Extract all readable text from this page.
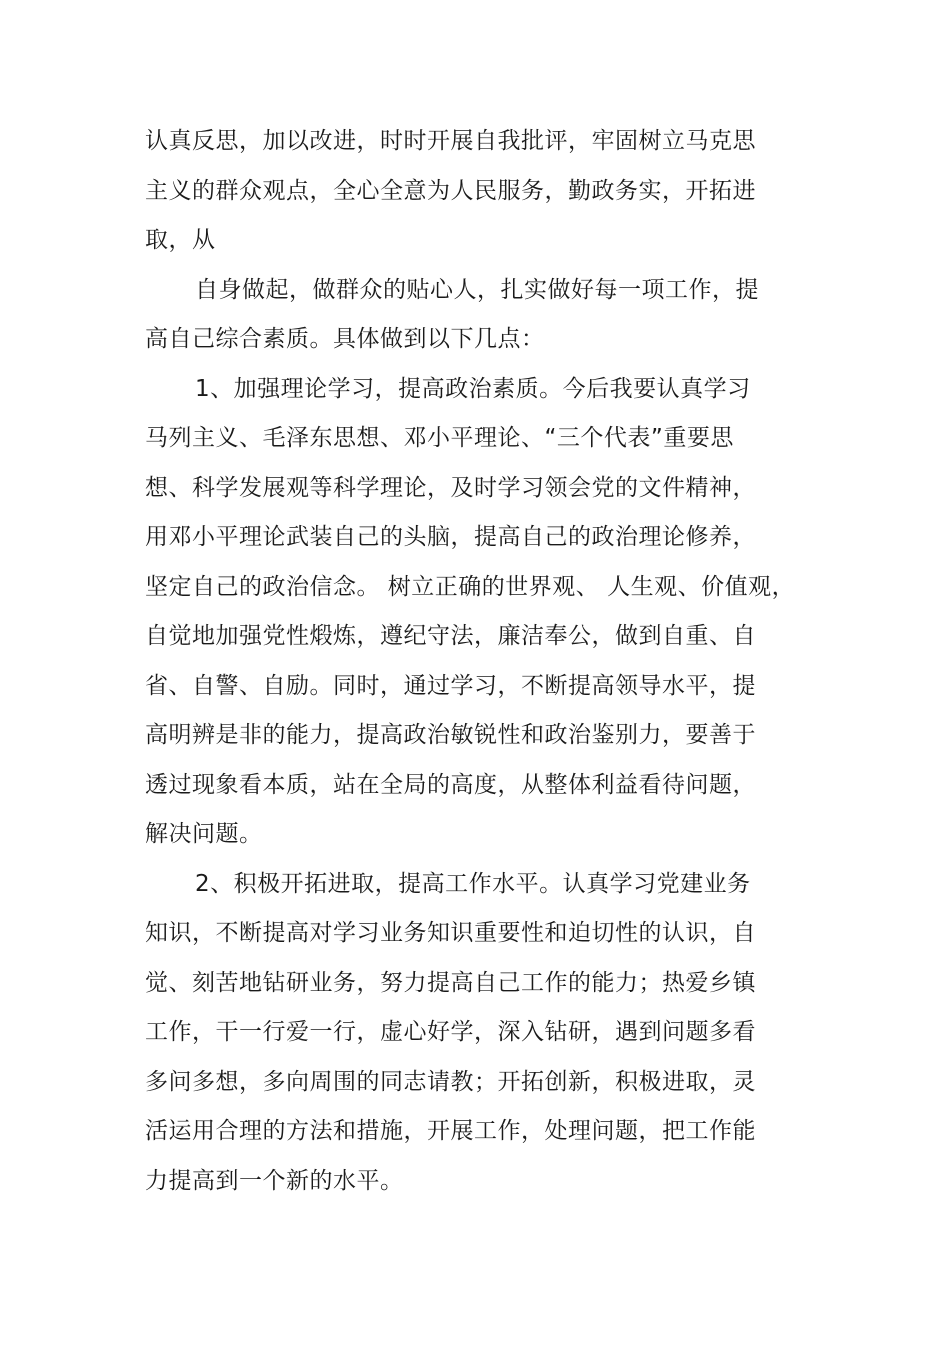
认真反思，加以改进，时时开展自我批评，牢固树立马克思
主义的群众观点，全心全意为人民服务，勤政务实，开拓进
取，从
自身做起，做群众的贴心人，扎实做好每一项工作，提
高自己综合素质。具体做到以下几点：
1、加强理论学习，提高政治素质。今后我要认真学习
马列主义、毛泽东思想、邓小平理论、“三个代表”重要思
想、科学发展观等科学理论，及时学习领会党的文件精神，
用邓小平理论武装自己的头脑，提高自己的政治理论修养，
坚定自己的政治信念。 树立正确的世界观、 人生观、价值观，
自觉地加强党性煅炼，遵纪守法，廉洁奉公，做到自重、自
省、自警、自励。同时，通过学习，不断提高领导水平，提
高明辨是非的能力，提高政治敏锐性和政治鉴别力，要善于
透过现象看本质，站在全局的高度，从整体利益看待问题，
解决问题。
2、积极开拓进取，提高工作水平。认真学习党建业务
知识，不断提高对学习业务知识重要性和迫切性的认识，自
觉、刻苦地钻研业务，努力提高自己工作的能力；热爱乡镇
工作，干一行爱一行，虚心好学，深入钻研，遇到问题多看
多问多想，多向周围的同志请教；开拓创新，积极进取，灵
活运用合理的方法和措施，开展工作，处理问题，把工作能
力提高到一个新的水平。
